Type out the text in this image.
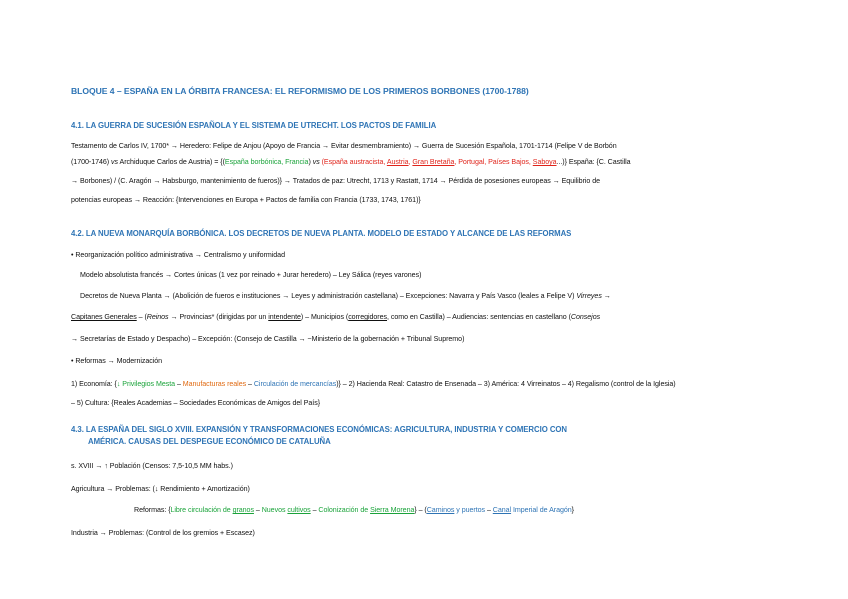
BLOQUE 4 – ESPAÑA EN LA ÓRBITA FRANCESA: EL REFORMISMO DE LOS PRIMEROS BORBONES (1700-1788)
4.1. LA GUERRA DE SUCESIÓN ESPAÑOLA Y EL SISTEMA DE UTRECHT. LOS PACTOS DE FAMILIA
Testamento de Carlos IV, 1700* → Heredero: Felipe de Anjou (Apoyo de Francia → Evitar desmembramiento) → Guerra de Sucesión Española, 1701-1714 (Felipe V de Borbón
(1700-1746) vs Archiduque Carlos de Austria) = {(España borbónica, Francia) vs (España austracista, Austria, Gran Bretaña, Portugal, Países Bajos, Saboya...)} España: {C. Castilla
→ Borbones) / (C. Aragón → Habsburgo, mantenimiento de fueros)} → Tratados de paz: Utrecht, 1713 y Rastatt, 1714 → Pérdida de posesiones europeas → Equilibrio de
potencias europeas → Reacción: {Intervenciones en Europa + Pactos de familia con Francia (1733, 1743, 1761)}
4.2. LA NUEVA MONARQUÍA BORBÓNICA. LOS DECRETOS DE NUEVA PLANTA. MODELO DE ESTADO Y ALCANCE DE LAS REFORMAS
• Reorganización político administrativa → Centralismo y uniformidad
Modelo absolutista francés → Cortes únicas (1 vez por reinado + Jurar heredero) – Ley Sálica (reyes varones)
Decretos de Nueva Planta → (Abolición de fueros e instituciones → Leyes y administración castellana) – Excepciones: Navarra y País Vasco (leales a Felipe V) Virreyes →
Capitanes Generales – (Reinos → Provincias* (dirigidas por un intendente) – Municipios (corregidores, como en Castilla) – Audiencias: sentencias en castellano (Consejos
→ Secretarías de Estado y Despacho) – Excepción: (Consejo de Castilla → ~Ministerio de la gobernación + Tribunal Supremo)
• Reformas → Modernización
1) Economía: {↓ Privilegios Mesta – Manufacturas reales – Circulación de mercancías)} – 2) Hacienda Real: Catastro de Ensenada – 3) América: 4 Virreinatos – 4) Regalismo (control de la Iglesia)
– 5) Cultura: {Reales Academias – Sociedades Económicas de Amigos del País}
4.3. LA ESPAÑA DEL SIGLO XVIII. EXPANSIÓN Y TRANSFORMACIONES ECONÓMICAS: AGRICULTURA, INDUSTRIA Y COMERCIO CON
AMÉRICA. CAUSAS DEL DESPEGUE ECONÓMICO DE CATALUÑA
s. XVIII → ↑ Población (Censos: 7,5-10,5 MM habs.)
Agricultura → Problemas: (↓ Rendimiento + Amortización)
Reformas: {Libre circulación de granos – Nuevos cultivos – Colonización de Sierra Morena} – (Caminos y puertos – Canal Imperial de Aragón}
Industria → Problemas: (Control de los gremios + Escasez)
